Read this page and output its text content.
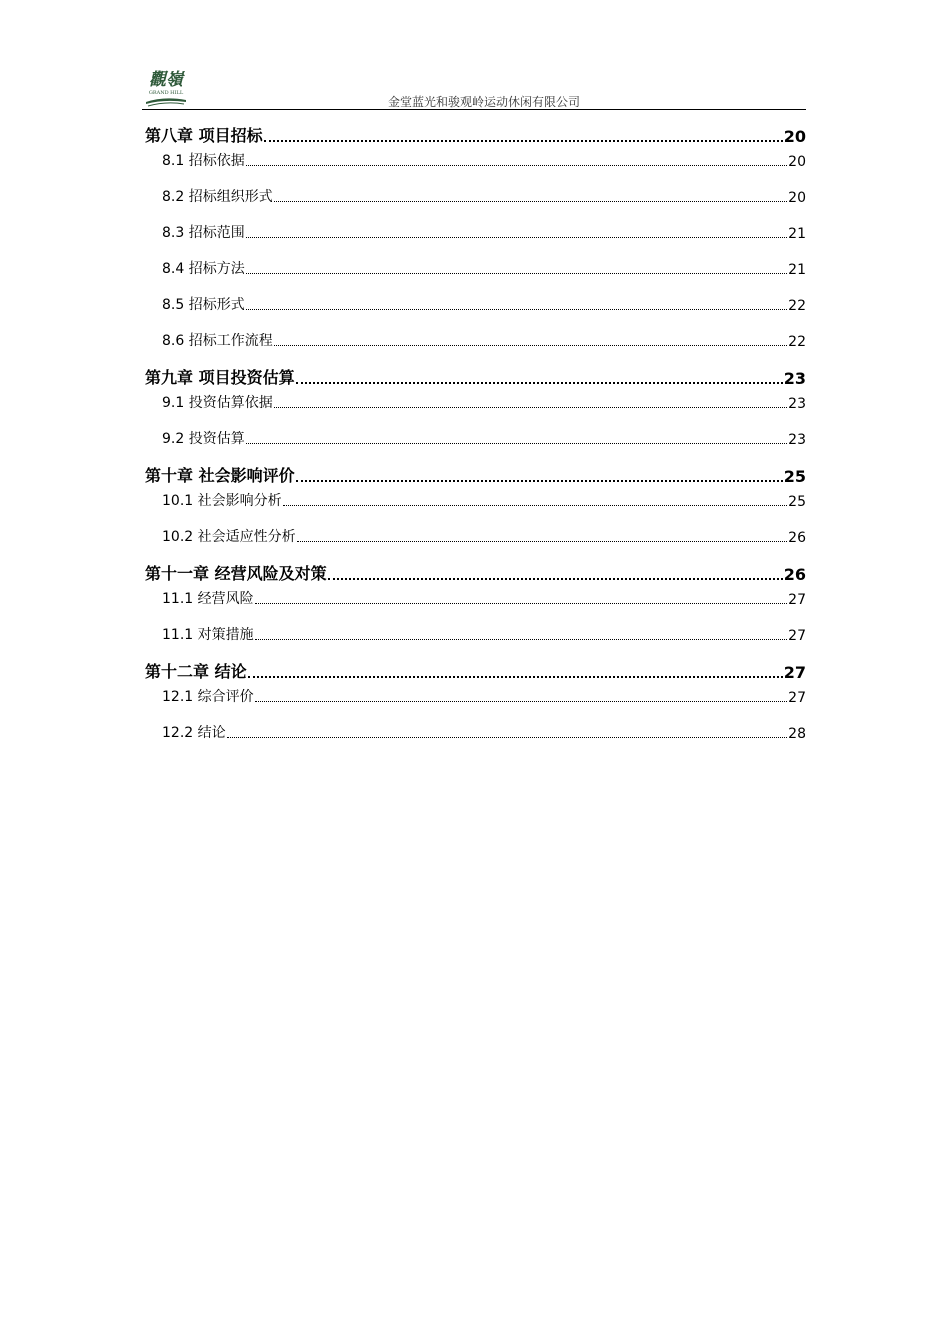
觀嶺
GRAND HILL
金堂蓝光和骏观岭运动休闲有限公司
第八章 项目招标	20
8.1 招标依据	20
8.2 招标组织形式	20
8.3 招标范围	21
8.4 招标方法	21
8.5 招标形式	22
8.6 招标工作流程	22
第九章 项目投资估算	23
9.1 投资估算依据	23
9.2 投资估算	23
第十章 社会影响评价	25
10.1 社会影响分析	25
10.2 社会适应性分析	26
第十一章 经营风险及对策	26
11.1 经营风险	27
11.1 对策措施	27
第十二章 结论	27
12.1 综合评价	27
12.2 结论	28
